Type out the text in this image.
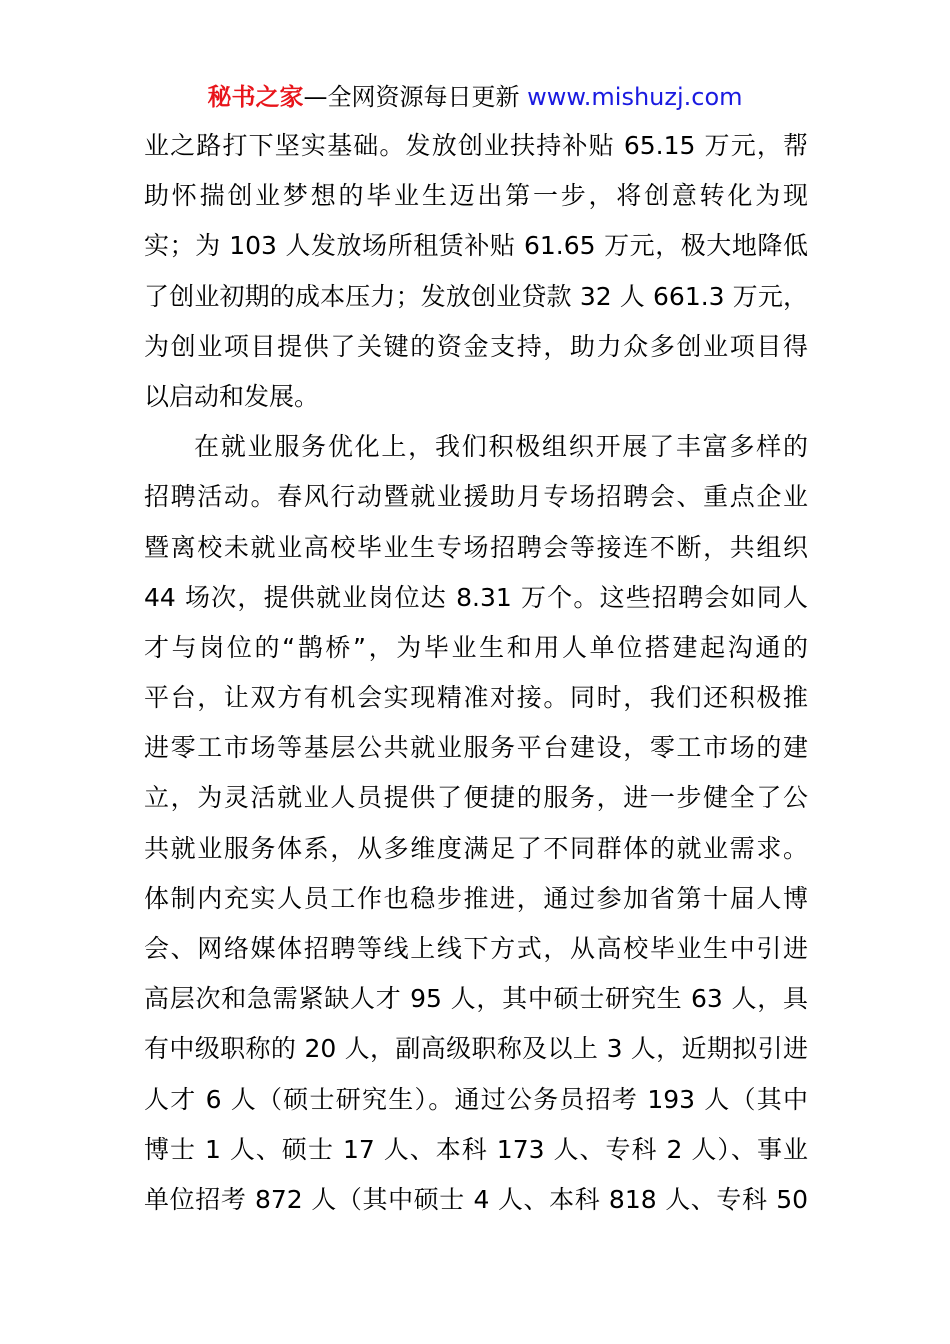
秘书之家—全网资源每日更新 www.mishuzj.com
业之路打下坚实基础。发放创业扶持补贴 65.15 万元，帮
助怀揣创业梦想的毕业生迈出第一步，将创意转化为现
实；为 103 人发放场所租赁补贴 61.65 万元，极大地降低
了创业初期的成本压力；发放创业贷款 32 人 661.3 万元，
为创业项目提供了关键的资金支持，助力众多创业项目得
以启动和发展。
在就业服务优化上，我们积极组织开展了丰富多样的
招聘活动。春风行动暨就业援助月专场招聘会、重点企业
暨离校未就业高校毕业生专场招聘会等接连不断，共组织
44 场次，提供就业岗位达 8.31 万个。这些招聘会如同人
才与岗位的“鹊桥”，为毕业生和用人单位搭建起沟通的
平台，让双方有机会实现精准对接。同时，我们还积极推
进零工市场等基层公共就业服务平台建设，零工市场的建
立，为灵活就业人员提供了便捷的服务，进一步健全了公
共就业服务体系，从多维度满足了不同群体的就业需求。
体制内充实人员工作也稳步推进，通过参加省第十届人博
会、网络媒体招聘等线上线下方式，从高校毕业生中引进
高层次和急需紧缺人才 95 人，其中硕士研究生 63 人，具
有中级职称的 20 人，副高级职称及以上 3 人，近期拟引进
人才 6 人（硕士研究生）。通过公务员招考 193 人（其中
博士 1 人、硕士 17 人、本科 173 人、专科 2 人）、事业
单位招考 872 人（其中硕士 4 人、本科 818 人、专科 50
